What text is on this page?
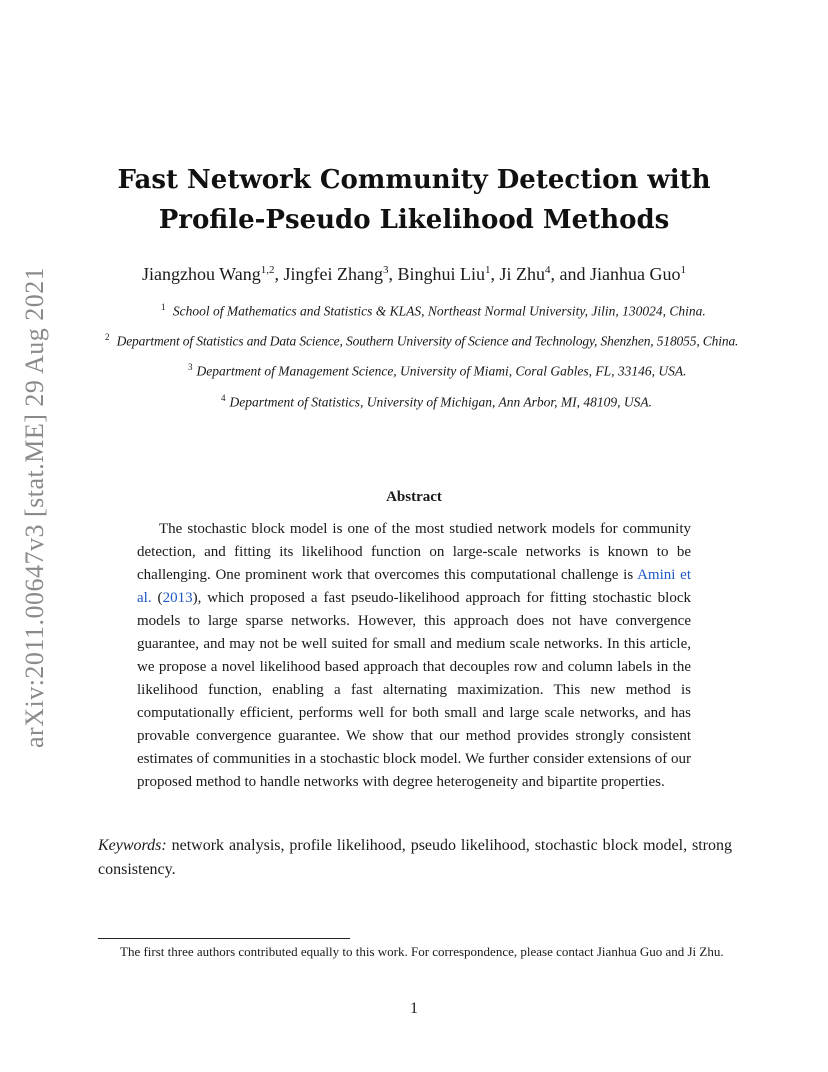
arXiv:2011.00647v3 [stat.ME] 29 Aug 2021
Fast Network Community Detection with
Profile-Pseudo Likelihood Methods
Jiangzhou Wang$^{1,2}$, Jingfei Zhang$^3$, Binghui Liu$^1$, Ji Zhu$^4$, and Jianhua Guo$^1$
$^1$ School of Mathematics and Statistics & KLAS, Northeast Normal University, Jilin, 130024, China.
$^2$ Department of Statistics and Data Science, Southern University of Science and Technology, Shenzhen, 518055, China.
$^3$ Department of Management Science, University of Miami, Coral Gables, FL, 33146, USA.
$^4$ Department of Statistics, University of Michigan, Ann Arbor, MI, 48109, USA.
Abstract
The stochastic block model is one of the most studied network models for community detection, and fitting its likelihood function on large-scale networks is known to be challenging. One prominent work that overcomes this computational challenge is Amini et al. (2013), which proposed a fast pseudo-likelihood approach for fitting stochastic block models to large sparse networks. However, this approach does not have convergence guarantee, and may not be well suited for small and medium scale networks. In this article, we propose a novel likelihood based approach that decouples row and column labels in the likelihood function, enabling a fast alternating maximization. This new method is computationally efficient, performs well for both small and large scale networks, and has provable convergence guarantee. We show that our method provides strongly consistent estimates of communities in a stochastic block model. We further consider extensions of our proposed method to handle networks with degree heterogeneity and bipartite properties.
Keywords: network analysis, profile likelihood, pseudo likelihood, stochastic block model, strong consistency.
The first three authors contributed equally to this work. For correspondence, please contact Jianhua Guo and Ji Zhu.
1
